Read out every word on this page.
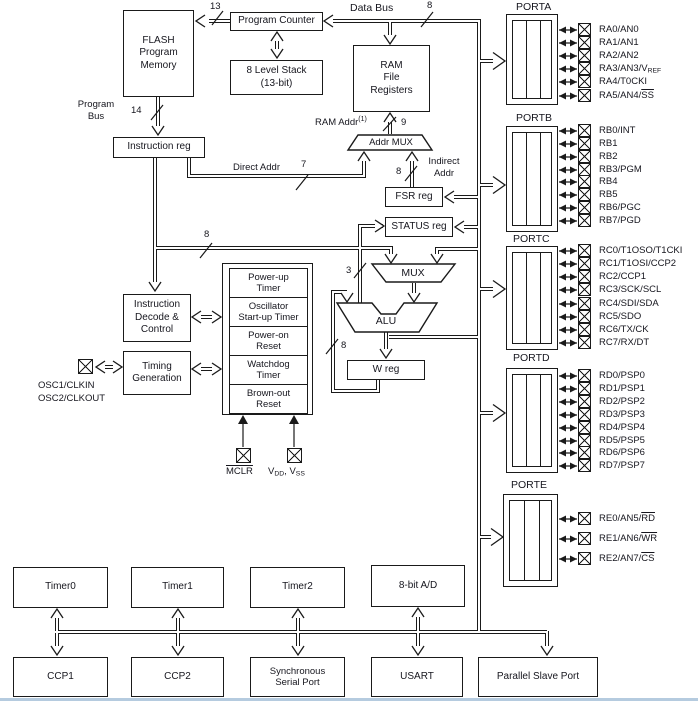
FLASH
Program
Memory
Program Counter
8 Level Stack
(13-bit)
RAM
File
Registers
Instruction reg
FSR reg
STATUS reg
W reg
Instruction
Decode &
Control
Timing
Generation
Power-up
Timer
Oscillator
Start-up Timer
Power-on
Reset
Watchdog
Timer
Brown-out
Reset
Addr MUX
MUX
ALU
Data Bus	8
13
Program
Bus
14
RAM Addr$^{(1)}$	9
Direct Addr 7
8
Indirect
Addr
8
3
8
OSC1/CLKIN
OSC2/CLKOUT
MCLR $V_{DD}$, $V_{SS}$
PORTA
PORTB
PORTC
PORTD
PORTE
RA0/AN0
RA1/AN1
RA2/AN2
$RA3/AN3/V_{REF}$
RA4/T0CKI
$RA5/AN4/\overline{SS}$
RB0/INT
RB1
RB2
RB3/PGM
RB4
RB5
RB6/PGC
RB7/PGD
RC0/T1OSO/T1CKI
RC1/T1OSI/CCP2
RC2/CCP1
RC3/SCK/SCL
RC4/SDI/SDA
RC5/SDO
RC6/TX/CK
RC7/RX/DT
RD0/PSP0
RD1/PSP1
RD2/PSP2
RD3/PSP3
RD4/PSP4
RD5/PSP5
RD6/PSP6
RD7/PSP7
$RE0/AN5/\overline{RD}$
$RE1/AN6/\overline{WR}$
$RE2/AN7/\overline{CS}$
Timer0	Timer1	Timer2	8-bit A/D
CCP1	CCP2	Synchronous
Serial Port
USART	Parallel Slave Port
